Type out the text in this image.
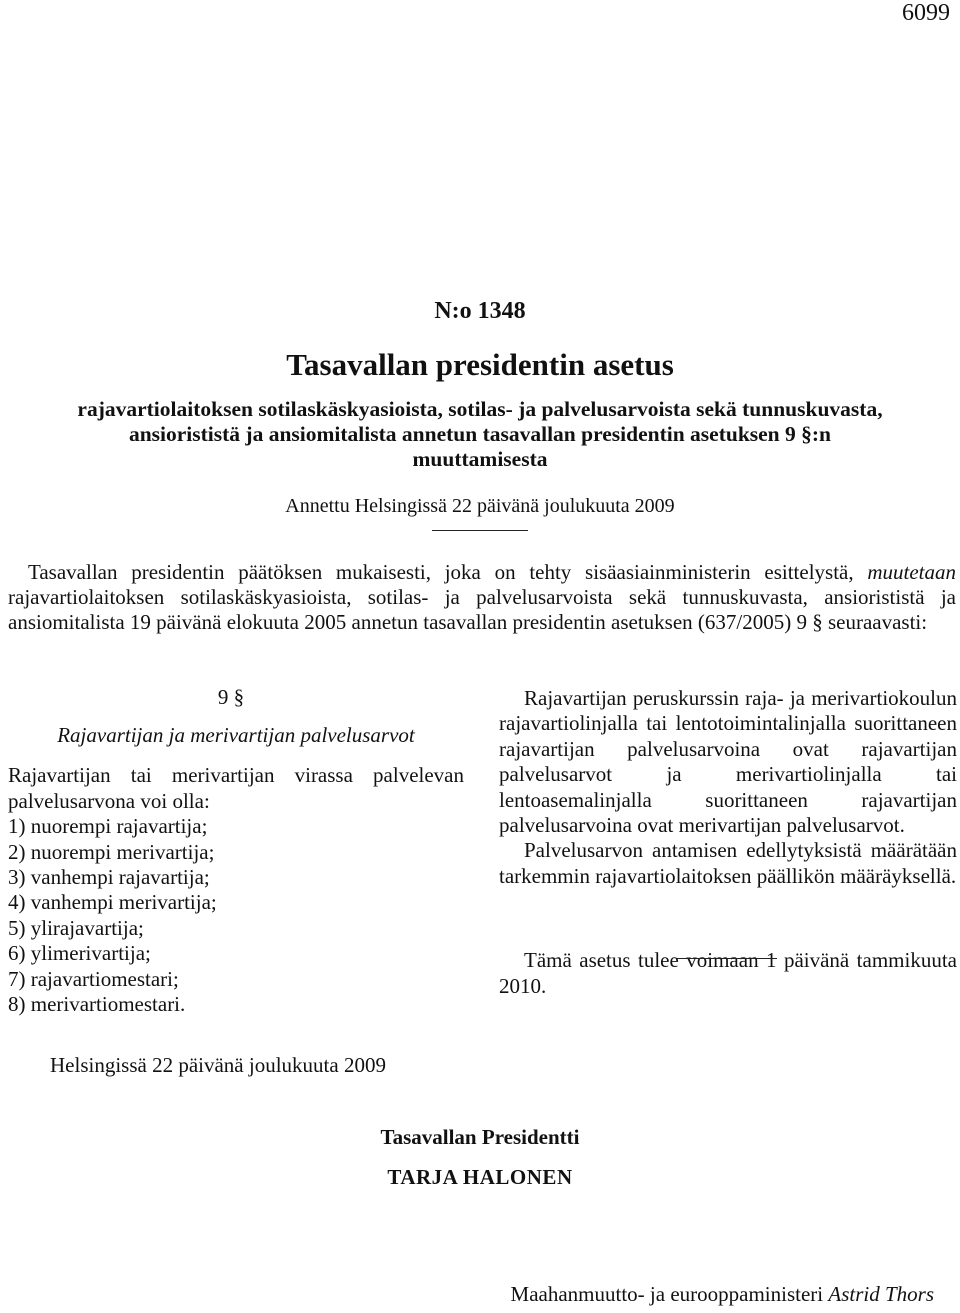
6099
N:o 1348
Tasavallan presidentin asetus
rajavartiolaitoksen sotilaskäskyasioista, sotilas- ja palvelusarvoista sekä tunnuskuvasta,
ansiorististä ja ansiomitalista annetun tasavallan presidentin asetuksen 9 §:n
muuttamisesta
Annettu Helsingissä 22 päivänä joulukuuta 2009
Tasavallan presidentin päätöksen mukaisesti, joka on tehty sisäasiainministerin esittelystä, muutetaan rajavartiolaitoksen sotilaskäskyasioista, sotilas- ja palvelusarvoista sekä tunnuskuvasta, ansiorististä ja ansiomitalista 19 päivänä elokuuta 2005 annetun tasavallan presidentin asetuksen (637/2005) 9 § seuraavasti:
9 §
Rajavartijan ja merivartijan palvelusarvot
Rajavartijan tai merivartijan virassa palvelevan palvelusarvona voi olla:
1) nuorempi rajavartija;
2) nuorempi merivartija;
3) vanhempi rajavartija;
4) vanhempi merivartija;
5) ylirajavartija;
6) ylimerivartija;
7) rajavartiomestari;
8) merivartiomestari.

Rajavartijan peruskurssin raja- ja merivartiokoulun rajavartiolinjalla tai lentotoimintalinjalla suorittaneen rajavartijan palvelusarvoina ovat rajavartijan palvelusarvot ja merivartiolinjalla tai lentoasemalinjalla suorittaneen rajavartijan palvelusarvoina ovat merivartijan palvelusarvot.

Palvelusarvon antamisen edellytyksistä määrätään tarkemmin rajavartiolaitoksen päällikön määräyksellä.

Tämä asetus tulee voimaan 1 päivänä tammikuuta 2010.

Helsingissä 22 päivänä joulukuuta 2009
Tasavallan Presidentti
TARJA HALONEN
Maahanmuutto- ja eurooppaministeri Astrid Thors
